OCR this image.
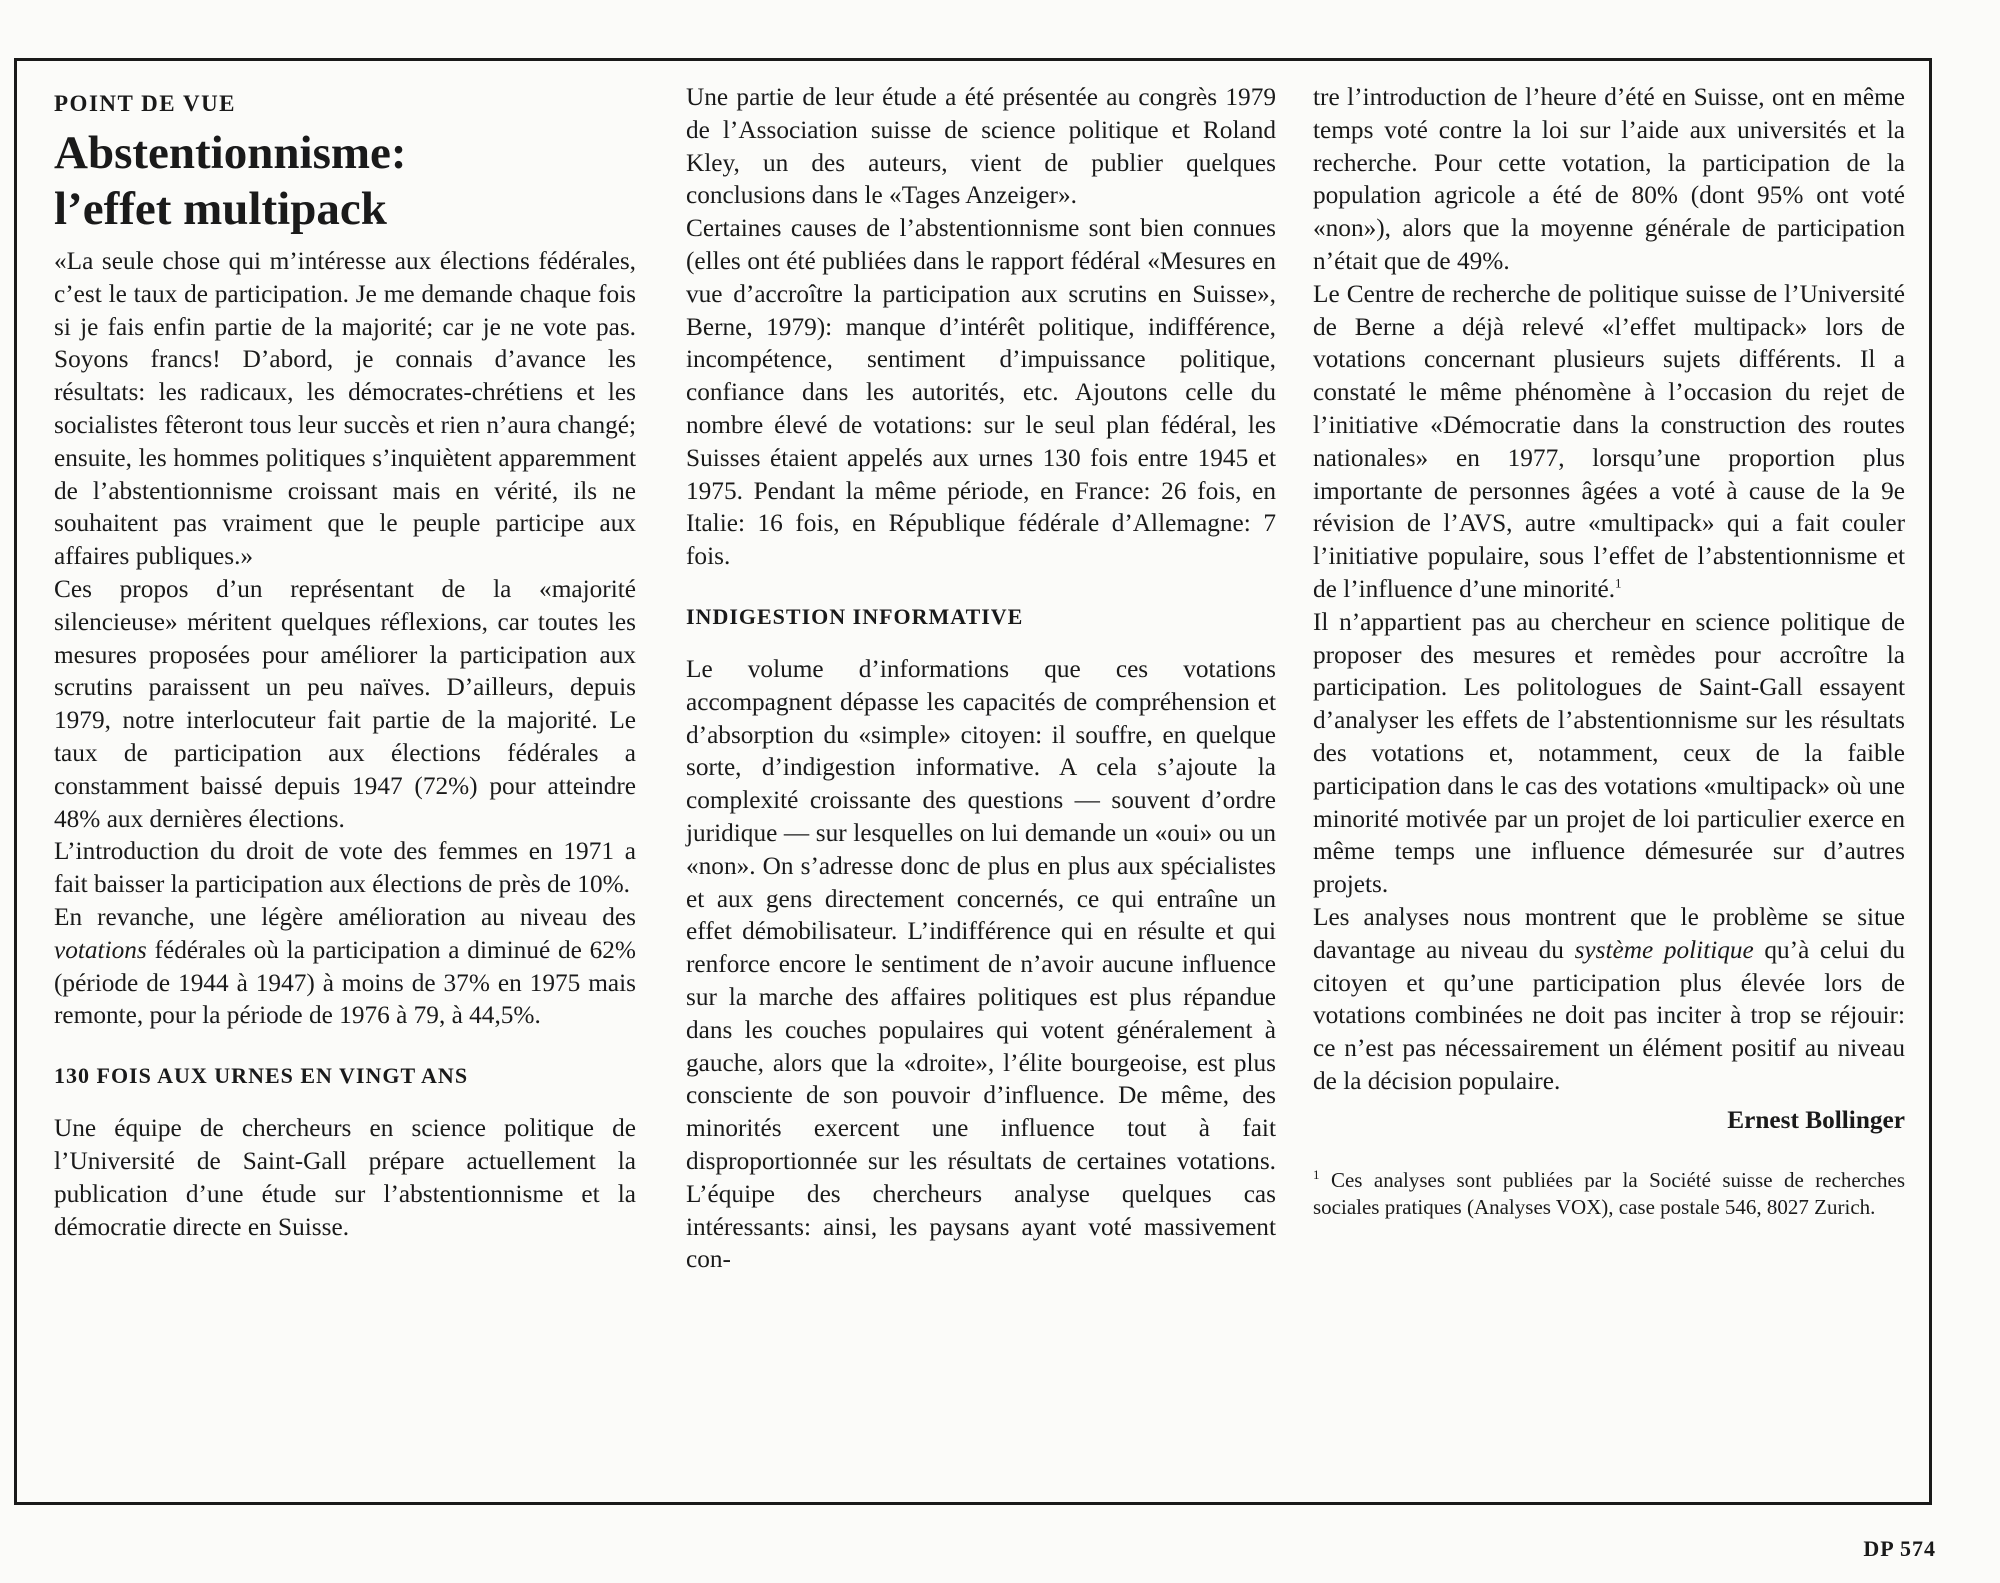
POINT DE VUE
Abstentionnisme:
l’effet multipack

«La seule chose qui m’intéresse aux élections fédérales, c’est le taux de participation. Je me demande chaque fois si je fais enfin partie de la majorité; car je ne vote pas. Soyons francs! D’abord, je connais d’avance les résultats: les radicaux, les démocrates-chrétiens et les socialistes fêteront tous leur succès et rien n’aura changé; ensuite, les hommes politiques s’inquiètent apparemment de l’abstentionnisme croissant mais en vérité, ils ne souhaitent pas vraiment que le peuple participe aux affaires publiques.»

Ces propos d’un représentant de la «majorité silencieuse» méritent quelques réflexions, car toutes les mesures proposées pour améliorer la participation aux scrutins paraissent un peu naïves. D’ailleurs, depuis 1979, notre interlocuteur fait partie de la majorité. Le taux de participation aux élections fédérales a constamment baissé depuis 1947 (72%) pour atteindre 48% aux dernières élections.

L’introduction du droit de vote des femmes en 1971 a fait baisser la participation aux élections de près de 10%.

En revanche, une légère amélioration au niveau des votations fédérales où la participation a diminué de 62% (période de 1944 à 1947) à moins de 37% en 1975 mais remonte, pour la période de 1976 à 79, à 44,5%.

130 FOIS AUX URNES EN VINGT ANS

Une équipe de chercheurs en science politique de l’Université de Saint-Gall prépare actuellement la publication d’une étude sur l’abstentionnisme et la démocratie directe en Suisse.

Une partie de leur étude a été présentée au congrès 1979 de l’Association suisse de science politique et Roland Kley, un des auteurs, vient de publier quelques conclusions dans le «Tages Anzeiger».

Certaines causes de l’abstentionnisme sont bien connues (elles ont été publiées dans le rapport fédéral «Mesures en vue d’accroître la participation aux scrutins en Suisse», Berne, 1979): manque d’intérêt politique, indifférence, incompétence, sentiment d’impuissance politique, confiance dans les autorités, etc. Ajoutons celle du nombre élevé de votations: sur le seul plan fédéral, les Suisses étaient appelés aux urnes 130 fois entre 1945 et 1975. Pendant la même période, en France: 26 fois, en Italie: 16 fois, en République fédérale d’Allemagne: 7 fois.

INDIGESTION INFORMATIVE

Le volume d’informations que ces votations accompagnent dépasse les capacités de compréhension et d’absorption du «simple» citoyen: il souffre, en quelque sorte, d’indigestion informative. A cela s’ajoute la complexité croissante des questions — souvent d’ordre juridique — sur lesquelles on lui demande un «oui» ou un «non». On s’adresse donc de plus en plus aux spécialistes et aux gens directement concernés, ce qui entraîne un effet démobilisateur. L’indifférence qui en résulte et qui renforce encore le sentiment de n’avoir aucune influence sur la marche des affaires politiques est plus répandue dans les couches populaires qui votent généralement à gauche, alors que la «droite», l’élite bourgeoise, est plus consciente de son pouvoir d’influence. De même, des minorités exercent une influence tout à fait disproportionnée sur les résultats de certaines votations. L’équipe des chercheurs analyse quelques cas intéressants: ainsi, les paysans ayant voté massivement con-

tre l’introduction de l’heure d’été en Suisse, ont en même temps voté contre la loi sur l’aide aux universités et la recherche. Pour cette votation, la participation de la population agricole a été de 80% (dont 95% ont voté «non»), alors que la moyenne générale de participation n’était que de 49%.

Le Centre de recherche de politique suisse de l’Université de Berne a déjà relevé «l’effet multipack» lors de votations concernant plusieurs sujets différents. Il a constaté le même phénomène à l’occasion du rejet de l’initiative «Démocratie dans la construction des routes nationales» en 1977, lorsqu’une proportion plus importante de personnes âgées a voté à cause de la 9e révision de l’AVS, autre «multipack» qui a fait couler l’initiative populaire, sous l’effet de l’abstentionnisme et de l’influence d’une minorité.$^1$

Il n’appartient pas au chercheur en science politique de proposer des mesures et remèdes pour accroître la participation. Les politologues de Saint-Gall essayent d’analyser les effets de l’abstentionnisme sur les résultats des votations et, notamment, ceux de la faible participation dans le cas des votations «multipack» où une minorité motivée par un projet de loi particulier exerce en même temps une influence démesurée sur d’autres projets.

Les analyses nous montrent que le problème se situe davantage au niveau du système politique qu’à celui du citoyen et qu’une participation plus élevée lors de votations combinées ne doit pas inciter à trop se réjouir: ce n’est pas nécessairement un élément positif au niveau de la décision populaire.

Ernest Bollinger
$^1$ Ces analyses sont publiées par la Société suisse de recherches sociales pratiques (Analyses VOX), case postale 546, 8027 Zurich.
DP 574
